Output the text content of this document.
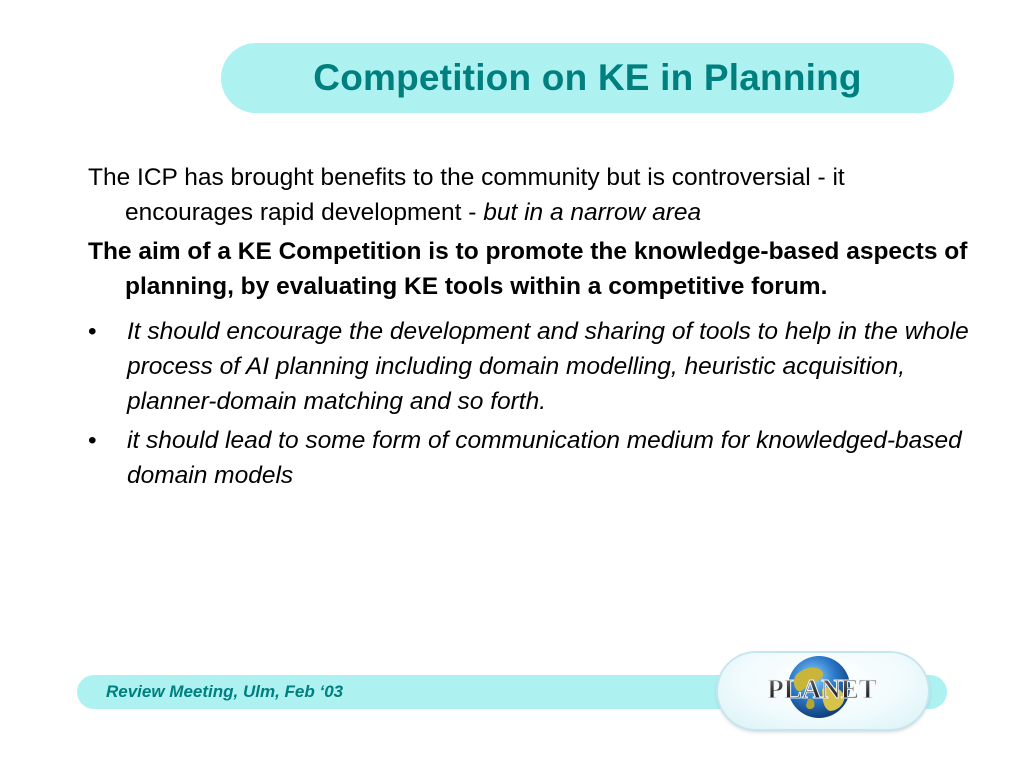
Competition on KE in Planning

The ICP has brought benefits to the community but is controversial - it encourages rapid development - but in a narrow area

The aim of a KE Competition is to promote the knowledge-based aspects of planning, by evaluating KE tools within a competitive forum.

• It should encourage the development and sharing of tools to help in the whole process of AI planning including domain modelling, heuristic acquisition, planner-domain matching and so forth.
• it should lead to some form of communication medium for knowledged-based domain models
Review Meeting, Ulm, Feb ‘03	PLANET
